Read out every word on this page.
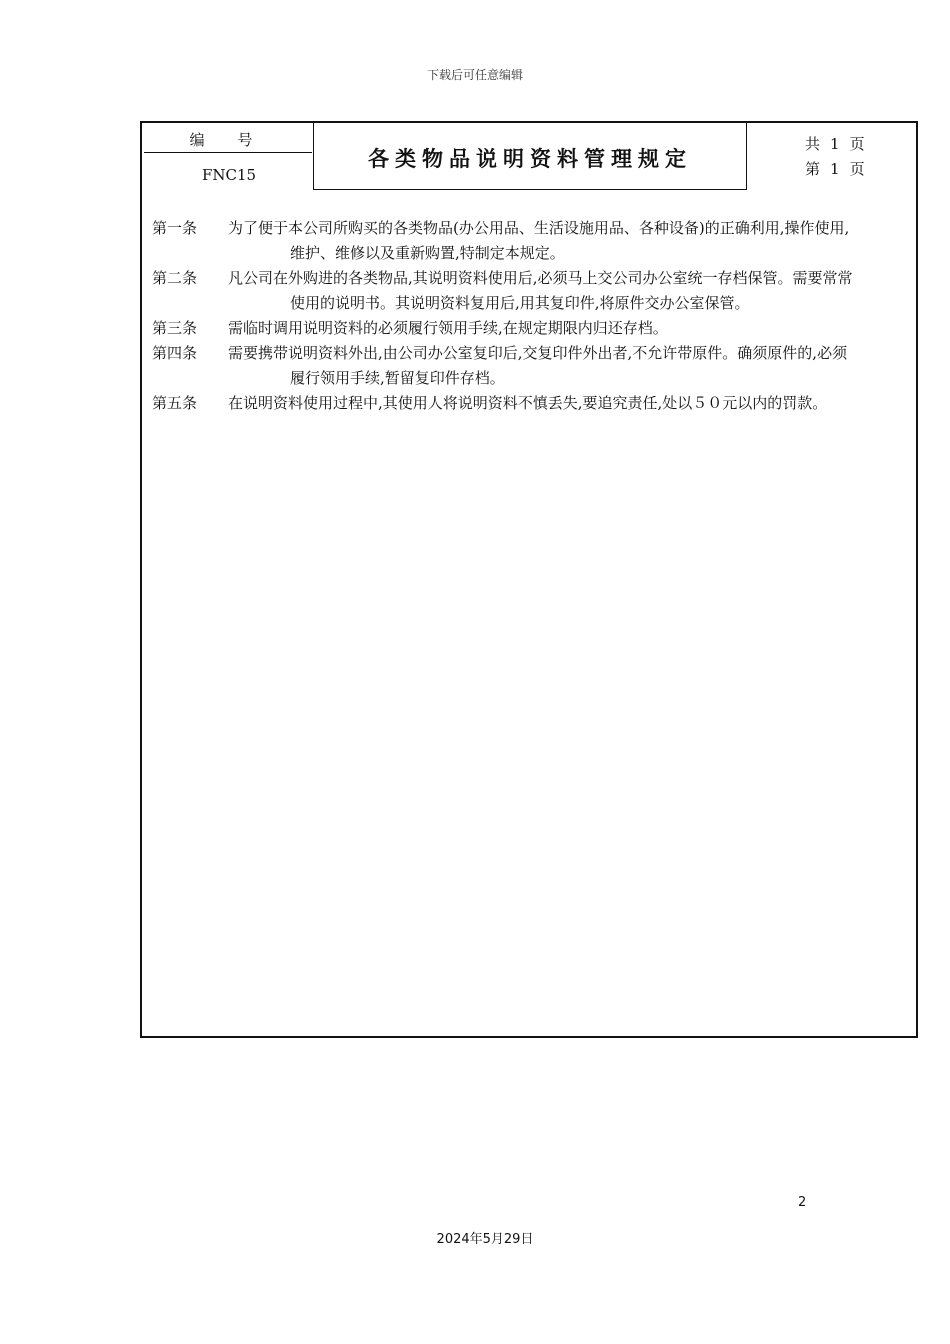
下载后可任意编辑
编 号
FNC15
各类物品说明资料管理规定
共 1 页
第 1 页
第一条	为了便于本公司所购买的各类物品(办公用品、生活设施用品、各种设备)的正确利用,操作使用,
维护、维修以及重新购置,特制定本规定。
第二条	凡公司在外购进的各类物品,其说明资料使用后,必须马上交公司办公室统一存档保管。需要常常
使用的说明书。其说明资料复用后,用其复印件,将原件交办公室保管。
第三条	需临时调用说明资料的必须履行领用手续,在规定期限内归还存档。
第四条	需要携带说明资料外出,由公司办公室复印后,交复印件外出者,不允许带原件。确须原件的,必须
履行领用手续,暂留复印件存档。
第五条	在说明资料使用过程中,其使用人将说明资料不慎丢失,要追究责任,处以５０元以内的罚款。
2
2024年5月29日
